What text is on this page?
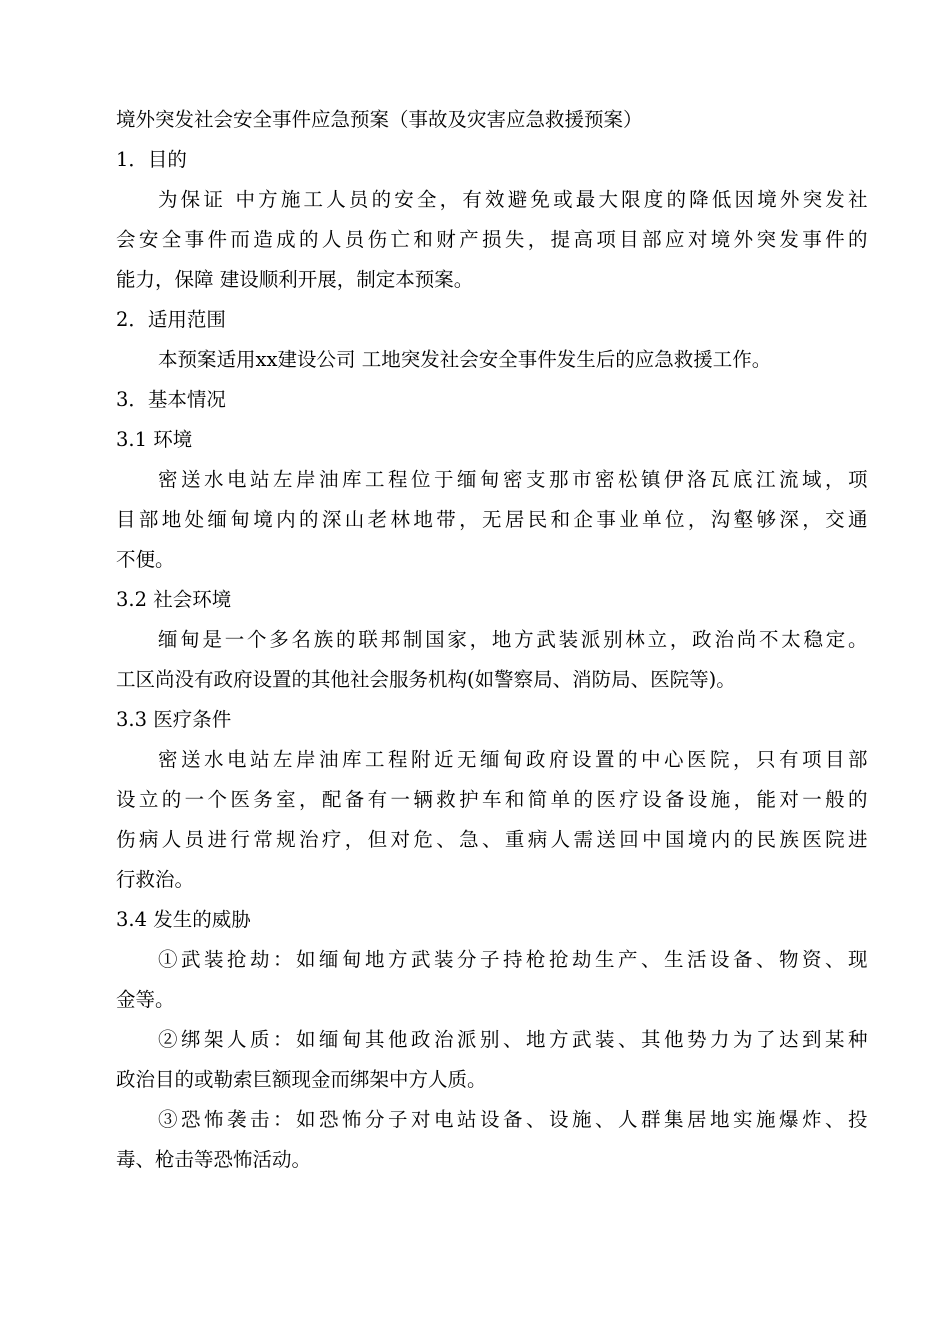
境外突发社会安全事件应急预案（事故及灾害应急救援预案）
1．目的
为保证 中方施工人员的安全，有效避免或最大限度的降低因境外突发社
会安全事件而造成的人员伤亡和财产损失，提高项目部应对境外突发事件的
能力，保障 建设顺利开展，制定本预案。
2．适用范围
本预案适用xx建设公司 工地突发社会安全事件发生后的应急救援工作。
3．基本情况
3.1 环境
密送水电站左岸油库工程位于缅甸密支那市密松镇伊洛瓦底江流域，项
目部地处缅甸境内的深山老林地带，无居民和企事业单位，沟壑够深，交通
不便。
3.2 社会环境
缅甸是一个多名族的联邦制国家，地方武装派别林立，政治尚不太稳定。
工区尚没有政府设置的其他社会服务机构(如警察局、消防局、医院等)。
3.3 医疗条件
密送水电站左岸油库工程附近无缅甸政府设置的中心医院，只有项目部
设立的一个医务室，配备有一辆救护车和简单的医疗设备设施，能对一般的
伤病人员进行常规治疗，但对危、急、重病人需送回中国境内的民族医院进
行救治。
3.4 发生的威胁
①武装抢劫：如缅甸地方武装分子持枪抢劫生产、生活设备、物资、现
金等。
②绑架人质：如缅甸其他政治派别、地方武装、其他势力为了达到某种
政治目的或勒索巨额现金而绑架中方人质。
③恐怖袭击：如恐怖分子对电站设备、设施、人群集居地实施爆炸、投
毒、枪击等恐怖活动。
